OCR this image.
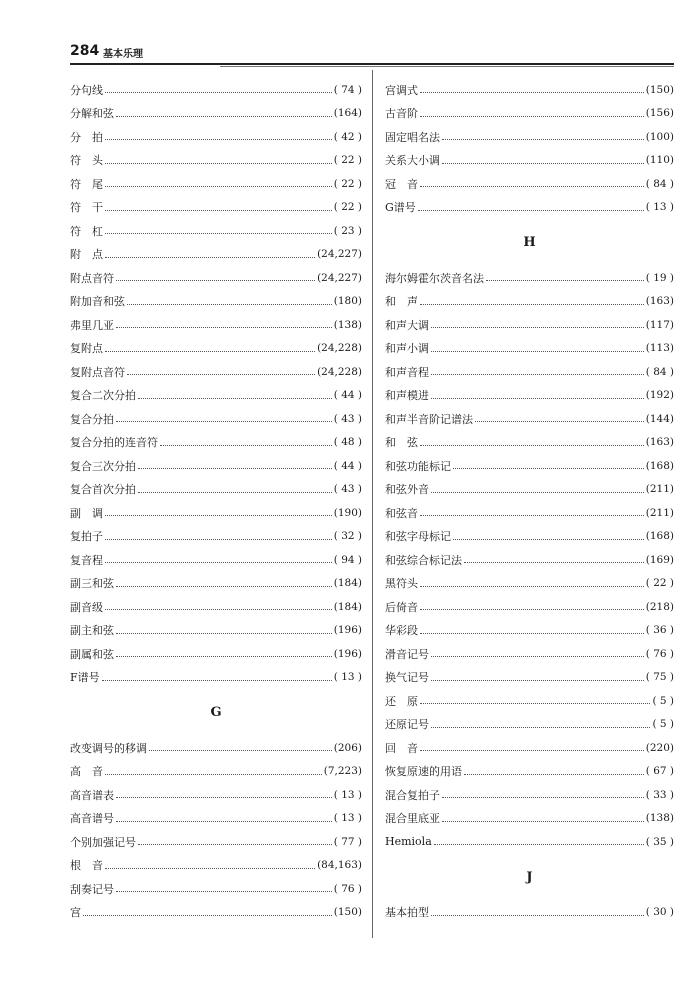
284 基本乐理
分句线	( 74 )
分解和弦	(164)
分　拍	( 42 )
符　头	( 22 )
符　尾	( 22 )
符　干	( 22 )
符　杠	( 23 )
附　点	(24,227)
附点音符	(24,227)
附加音和弦	(180)
弗里几亚	(138)
复附点	(24,228)
复附点音符	(24,228)
复合二次分拍	( 44 )
复合分拍	( 43 )
复合分拍的连音符	( 48 )
复合三次分拍	( 44 )
复合首次分拍	( 43 )
副　调	(190)
复拍子	( 32 )
复音程	( 94 )
副三和弦	(184)
副音级	(184)
副主和弦	(196)
副属和弦	(196)
F谱号	( 13 )
G
改变调号的移调	(206)
高　音	(7,223)
高音谱表	( 13 )
高音谱号	( 13 )
个别加强记号	( 77 )
根　音	(84,163)
刮奏记号	( 76 )
宫	(150)
宫调式	(150)
古音阶	(156)
固定唱名法	(100)
关系大小调	(110)
冠　音	( 84 )
G谱号	( 13 )
H
海尔姆霍尔茨音名法	( 19 )
和　声	(163)
和声大调	(117)
和声小调	(113)
和声音程	( 84 )
和声模进	(192)
和声半音阶记谱法	(144)
和　弦	(163)
和弦功能标记	(168)
和弦外音	(211)
和弦音	(211)
和弦字母标记	(168)
和弦综合标记法	(169)
黑符头	( 22 )
后倚音	(218)
华彩段	( 36 )
滑音记号	( 76 )
换气记号	( 75 )
还　原	( 5 )
还原记号	( 5 )
回　音	(220)
恢复原速的用语	( 67 )
混合复拍子	( 33 )
混合里底亚	(138)
Hemiola	( 35 )
J
基本拍型	( 30 )
